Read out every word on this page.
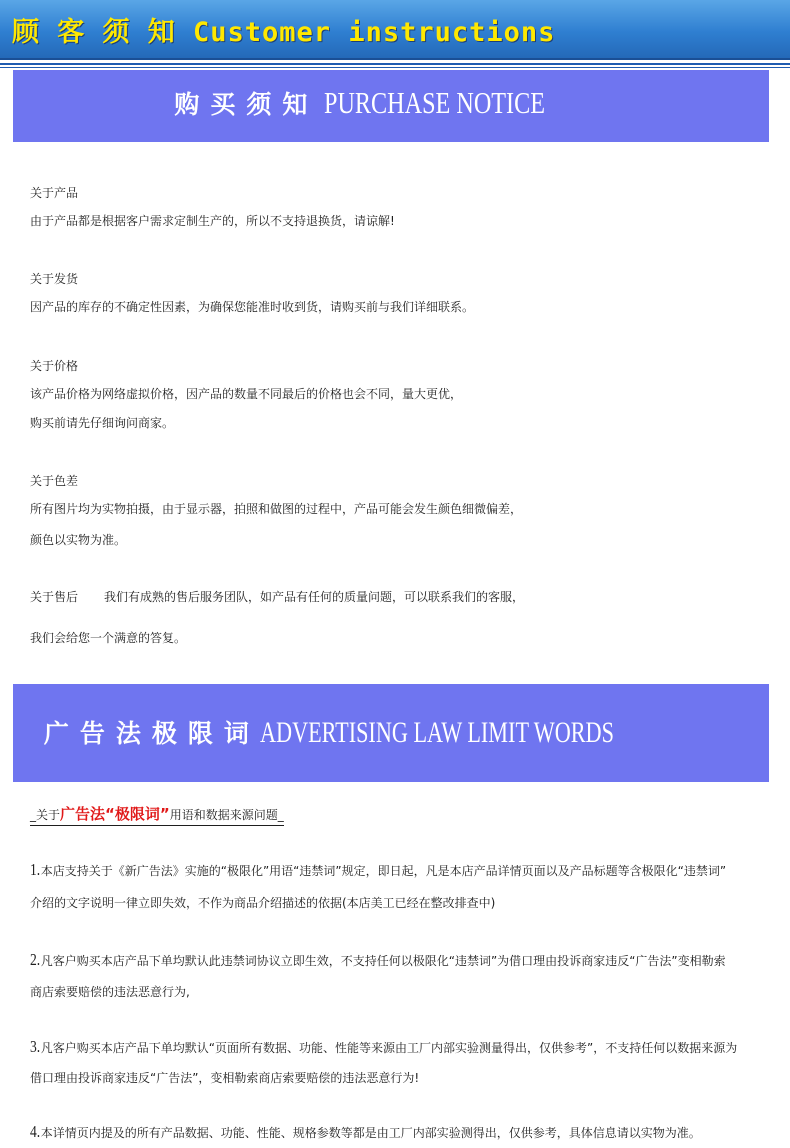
顾 客 须 知 Customer instructions
购买须知 PURCHASE NOTICE
关于产品
由于产品都是根据客户需求定制生产的，所以不支持退换货，请谅解!
关于发货
因产品的库存的不确定性因素，为确保您能准时收到货，请购买前与我们详细联系。
关于价格
该产品价格为网络虚拟价格，因产品的数量不同最后的价格也会不同，量大更优，
购买前请先仔细询问商家。
关于色差
所有图片均为实物拍摄，由于显示器，拍照和做图的过程中，产品可能会发生颜色细微偏差，
颜色以实物为准。
关于售后 我们有成熟的售后服务团队，如产品有任何的质量问题，可以联系我们的客服，
我们会给您一个满意的答复。
广告法极限词ADVERTISING LAW LIMIT WORDS
_关于广告法“极限词”用语和数据来源问题_
1.本店支持关于《新广告法》实施的“极限化”用语“违禁词”规定，即日起，凡是本店产品详情页面以及产品标题等含极限化“违禁词”
介绍的文字说明一律立即失效，不作为商品介绍描述的依据(本店美工已经在整改排查中)
2.凡客户购买本店产品下单均默认此违禁词协议立即生效，不支持任何以极限化“违禁词”为借口理由投诉商家违反“广告法”变相勒索
商店索要赔偿的违法恶意行为,
3.凡客户购买本店产品下单均默认“页面所有数据、功能、性能等来源由工厂内部实验测量得出，仅供参考”，不支持任何以数据来源为
借口理由投诉商家违反“广告法”，变相勒索商店索要赔偿的违法恶意行为!
4.本详情页内提及的所有产品数据、功能、性能、规格参数等都是由工厂内部实验测得出，仅供参考，具体信息请以实物为准。
